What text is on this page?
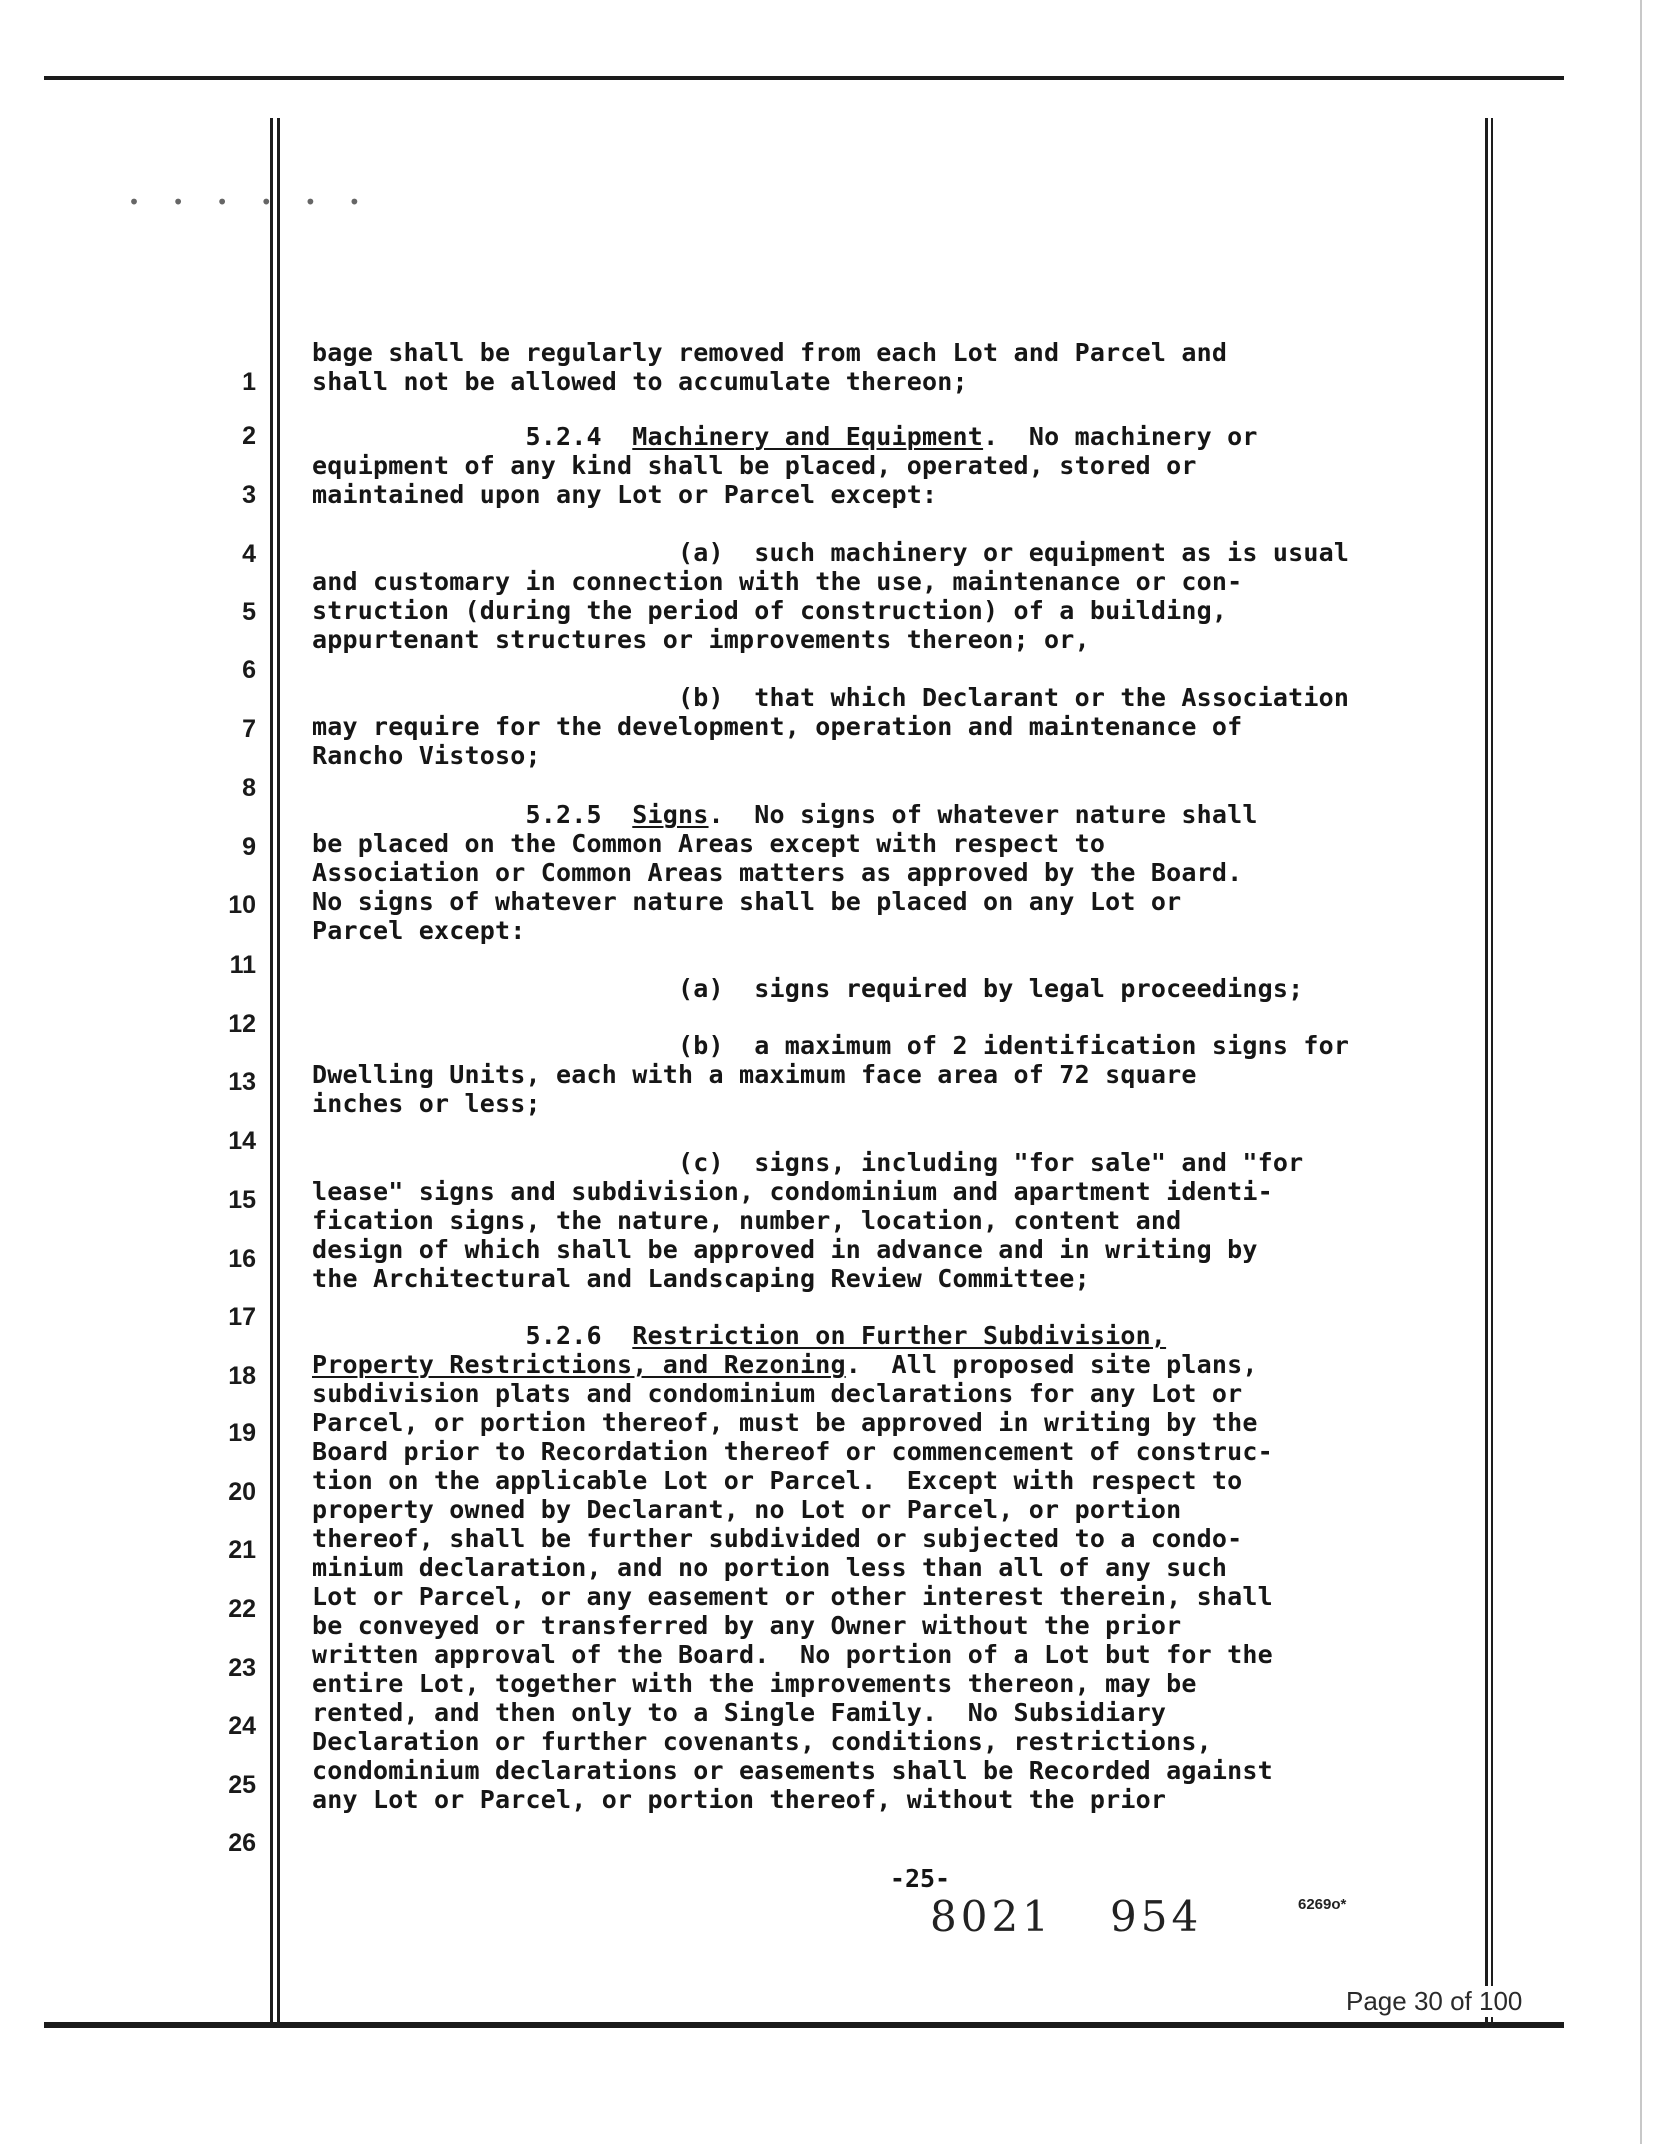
• • • • • •
1
2
3
4
5
6
7
8
9
10
11
12
13
14
15
16
17
18
19
20
21
22
23
24
25
26
bage shall be regularly removed from each Lot and Parcel and
shall not be allowed to accumulate thereon;
5.2.4  Machinery and Equipment.  No machinery or
equipment of any kind shall be placed, operated, stored or
maintained upon any Lot or Parcel except:
(a)  such machinery or equipment as is usual
and customary in connection with the use, maintenance or con-
struction (during the period of construction) of a building,
appurtenant structures or improvements thereon; or,
(b)  that which Declarant or the Association
may require for the development, operation and maintenance of
Rancho Vistoso;
5.2.5  Signs.  No signs of whatever nature shall
be placed on the Common Areas except with respect to
Association or Common Areas matters as approved by the Board.
No signs of whatever nature shall be placed on any Lot or
Parcel except:
(a)  signs required by legal proceedings;
(b)  a maximum of 2 identification signs for
Dwelling Units, each with a maximum face area of 72 square
inches or less;
(c)  signs, including "for sale" and "for
lease" signs and subdivision, condominium and apartment identi-
fication signs, the nature, number, location, content and
design of which shall be approved in advance and in writing by
the Architectural and Landscaping Review Committee;
5.2.6  Restriction on Further Subdivision,
Property Restrictions, and Rezoning.  All proposed site plans,
subdivision plats and condominium declarations for any Lot or
Parcel, or portion thereof, must be approved in writing by the
Board prior to Recordation thereof or commencement of construc-
tion on the applicable Lot or Parcel.  Except with respect to
property owned by Declarant, no Lot or Parcel, or portion
thereof, shall be further subdivided or subjected to a condo-
minium declaration, and no portion less than all of any such
Lot or Parcel, or any easement or other interest therein, shall
be conveyed or transferred by any Owner without the prior
written approval of the Board.  No portion of a Lot but for the
entire Lot, together with the improvements thereon, may be
rented, and then only to a Single Family.  No Subsidiary
Declaration or further covenants, conditions, restrictions,
condominium declarations or easements shall be Recorded against
any Lot or Parcel, or portion thereof, without the prior
-25-
8021 954	6269o*
Page 30 of 100
